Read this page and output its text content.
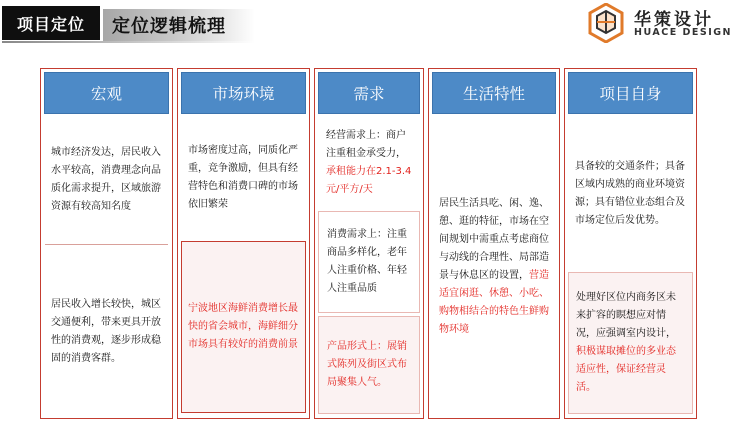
项目定位	定位逻辑梳理	华策设计
HUACE DESIGN
宏观
城市经济发达，居民收入水平较高，消费理念向品质化需求提升，区域旅游资源有较高知名度
居民收入增长较快，城区交通便利，带来更具开放性的消费观，逐步形成稳固的消费客群。
市场环境
市场密度过高，同质化严重，竞争激励，但具有经营特色和消费口碑的市场依旧繁荣
宁波地区海鲜消费增长最快的省会城市，海鲜细分市场具有较好的消费前景
需求
经营需求上：商户注重租金承受力，承租能力在2.1-3.4元/平方/天
消费需求上：注重商品多样化，老年人注重价格、年轻人注重品质
产品形式上：展销式陈列及街区式布局聚集人气。
生活特性
居民生活具吃、闲、逸、憩、逛的特征，市场在空间规划中需重点考虑商位与动线的合理性、局部造景与休息区的设置，营造适宜闲逛、休憩、小吃、购物相结合的特色生鲜购物环境
项目自身
具备较的交通条件；具备区域内成熟的商业环境资源；具有错位业态组合及市场定位后发优势。
处理好区位内商务区未来扩容的瞑想应对情况，应强调室内设计，积极谋取摊位的多业态适应性，保证经营灵活。
